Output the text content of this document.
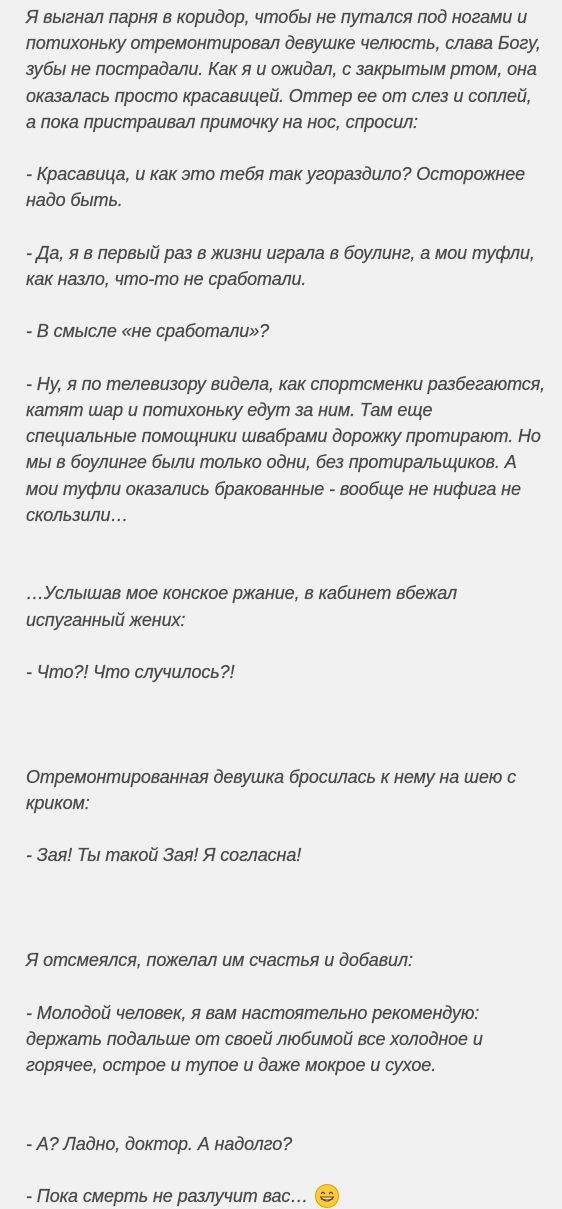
Я выгнал парня в коридор, чтобы не путался под ногами и потихоньку отремонтировал девушке челюсть, слава Богу, зубы не пострадали. Как я и ожидал, с закрытым ртом, она оказалась просто красавицей. Оттер ее от слез и соплей, а пока пристраивал примочку на нос, спросил:

- Красавица, и как это тебя так угораздило? Осторожнее надо быть.

- Да, я в первый раз в жизни играла в боулинг, а мои туфли, как назло, что-то не сработали.

- В смысле «не сработали»?

- Ну, я по телевизору видела, как спортсменки разбегаются, катят шар и потихоньку едут за ним. Там еще специальные помощники швабрами дорожку протирают. Но мы в боулинге были только одни, без протиральщиков. А мои туфли оказались бракованные - вообще не нифига не скользили…

…Услышав мое конское ржание, в кабинет вбежал испуганный жених:

- Что?! Что случилось?!

Отремонтированная девушка бросилась к нему на шею с криком:

- Зая! Ты такой Зая! Я согласна!

Я отсмеялся, пожелал им счастья и добавил:

- Молодой человек, я вам настоятельно рекомендую: держать подальше от своей любимой все холодное и горячее, острое и тупое и даже мокрое и сухое.

- А? Ладно, доктор. А надолго?

- Пока смерть не разлучит вас…
